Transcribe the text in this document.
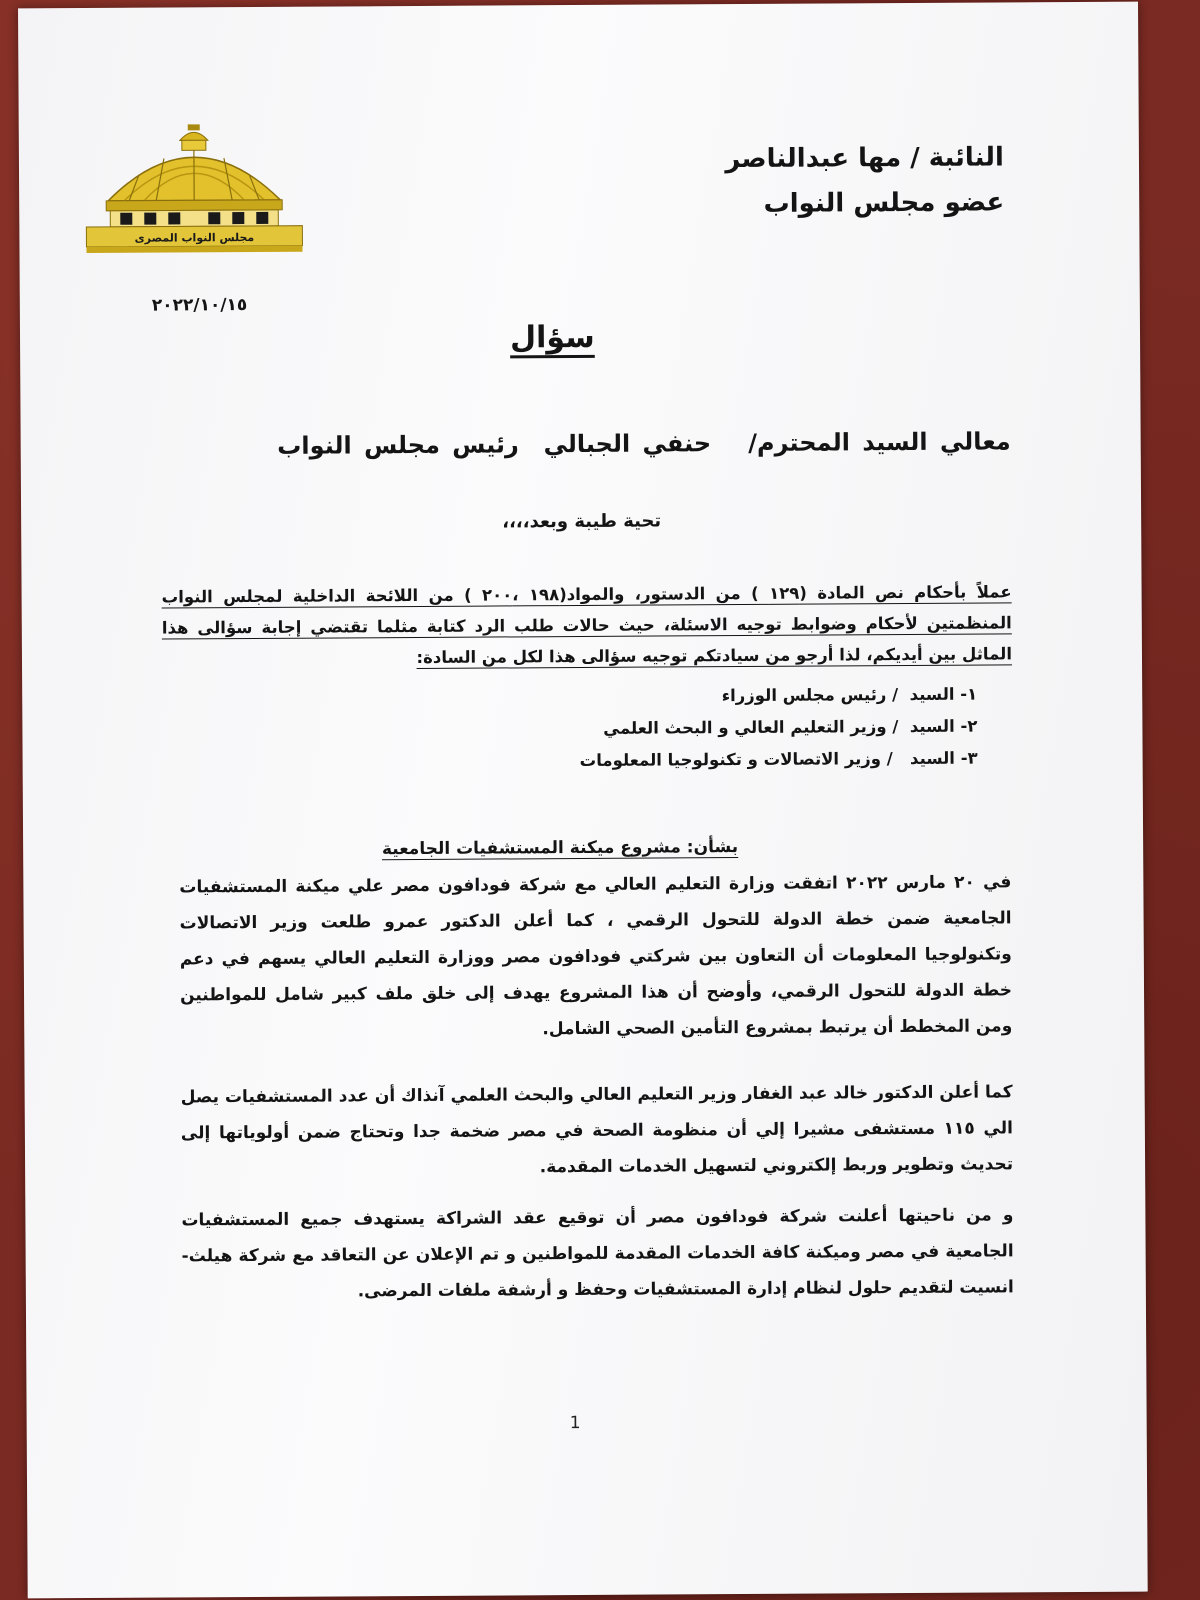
مجلس النواب المصرى
النائبة / مها عبدالناصر
عضو مجلس النواب
٢٠٢٢/١٠/١٥
سؤال
معالي السيد المحترم/   حنفي الجبالي  رئيس مجلس النواب
تحية طيبة وبعد،،،،
عملاً بأحكام نص المادة (١٢٩ ) من الدستور، والمواد(١٩٨ ،٢٠٠ ) من اللائحة الداخلية لمجلس النواب المنظمتين لأحكام وضوابط توجيه الاسئلة، حيث حالات طلب الرد كتابة مثلما تقتضي إجابة سؤالى هذا الماثل بين أيديكم، لذا أرجو من سيادتكم توجيه سؤالى هذا لكل من السادة:
١- السيد  / رئيس مجلس الوزراء
٢- السيد  / وزير التعليم العالي و البحث العلمي
٣- السيد   / وزير الاتصالات و تكنولوجيا المعلومات
بشأن: مشروع ميكنة المستشفيات الجامعية

في ٢٠ مارس ٢٠٢٢ اتفقت وزارة التعليم العالي مع شركة فودافون مصر علي ميكنة المستشفيات الجامعية ضمن خطة الدولة للتحول الرقمي ، كما أعلن الدكتور عمرو طلعت وزير الاتصالات وتكنولوجيا المعلومات أن التعاون بين شركتي فودافون مصر ووزارة التعليم العالي يسهم في دعم خطة الدولة للتحول الرقمي، وأوضح أن هذا المشروع يهدف إلى خلق ملف كبير شامل للمواطنين ومن المخطط أن يرتبط بمشروع التأمين الصحي الشامل.

كما أعلن الدكتور خالد عبد الغفار وزير التعليم العالي والبحث العلمي آنذاك أن عدد المستشفيات يصل الي ١١٥ مستشفى مشيرا إلي أن منظومة الصحة في مصر ضخمة جدا وتحتاج ضمن أولوياتها إلى تحديث وتطوير وربط إلكتروني لتسهيل الخدمات المقدمة.

و من ناحيتها أعلنت شركة فودافون مصر أن توقيع عقد الشراكة يستهدف جميع المستشفيات الجامعية في مصر وميكنة كافة الخدمات المقدمة للمواطنين و تم الإعلان عن التعاقد مع شركة هيلث-انسيت لتقديم حلول لنظام إدارة المستشفيات وحفظ و أرشفة ملفات المرضى.

1
